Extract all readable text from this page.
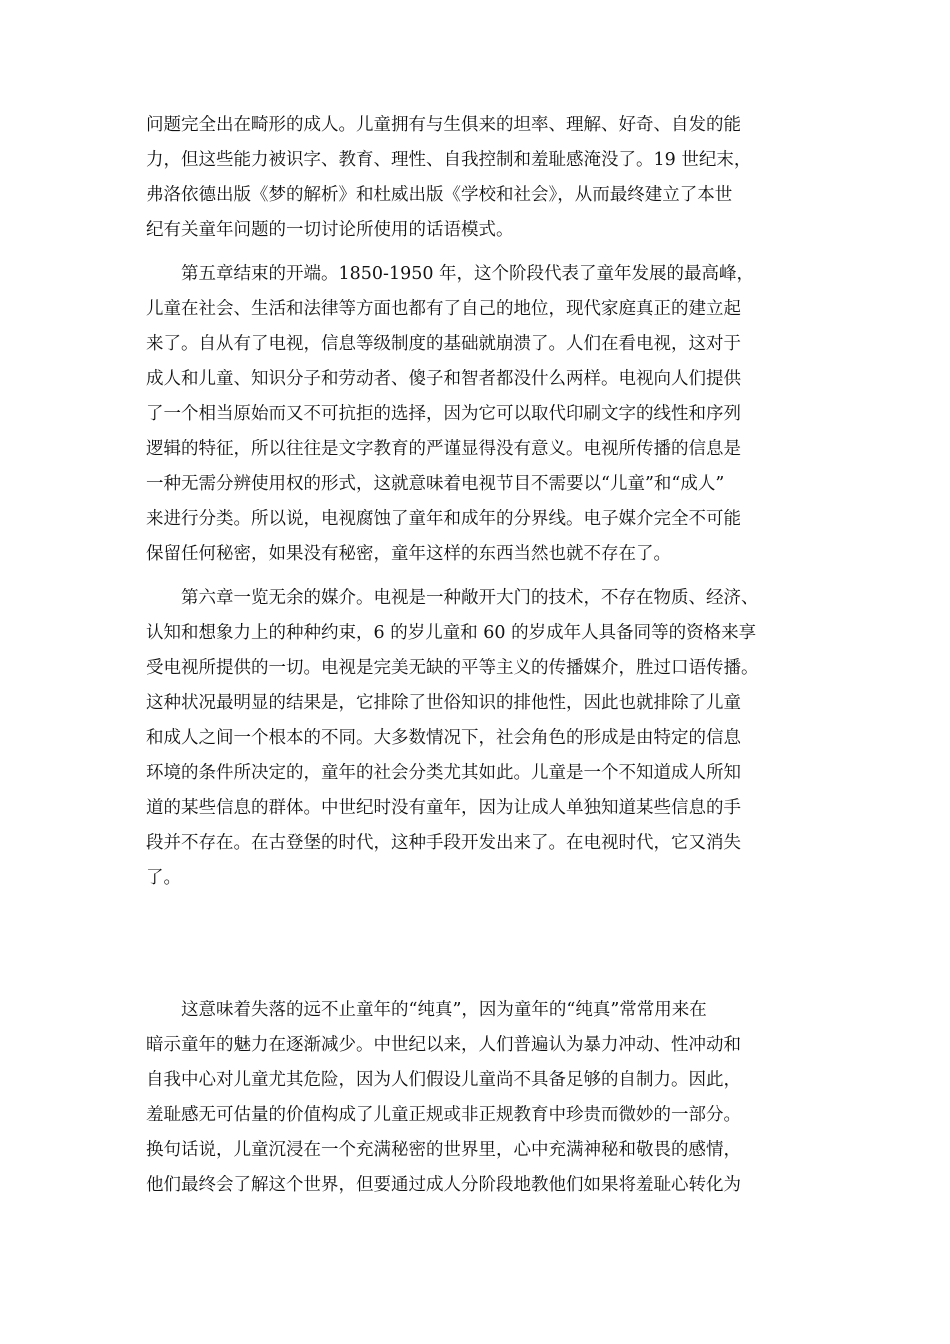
问题完全出在畸形的成人。儿童拥有与生俱来的坦率、理解、好奇、自发的能
力，但这些能力被识字、教育、理性、自我控制和羞耻感淹没了。19 世纪末，
弗洛依德出版《梦的解析》和杜威出版《学校和社会》，从而最终建立了本世
纪有关童年问题的一切讨论所使用的话语模式。
第五章结束的开端。1850-1950 年，这个阶段代表了童年发展的最高峰，
儿童在社会、生活和法律等方面也都有了自己的地位，现代家庭真正的建立起
来了。自从有了电视，信息等级制度的基础就崩溃了。人们在看电视，这对于
成人和儿童、知识分子和劳动者、傻子和智者都没什么两样。电视向人们提供
了一个相当原始而又不可抗拒的选择，因为它可以取代印刷文字的线性和序列
逻辑的特征，所以往往是文字教育的严谨显得没有意义。电视所传播的信息是
一种无需分辨使用权的形式，这就意味着电视节目不需要以“儿童”和“成人”
来进行分类。所以说，电视腐蚀了童年和成年的分界线。电子媒介完全不可能
保留任何秘密，如果没有秘密，童年这样的东西当然也就不存在了。
第六章一览无余的媒介。电视是一种敞开大门的技术，不存在物质、经济、
认知和想象力上的种种约束，6 的岁儿童和 60 的岁成年人具备同等的资格来享
受电视所提供的一切。电视是完美无缺的平等主义的传播媒介，胜过口语传播。
这种状况最明显的结果是，它排除了世俗知识的排他性，因此也就排除了儿童
和成人之间一个根本的不同。大多数情况下，社会角色的形成是由特定的信息
环境的条件所决定的，童年的社会分类尤其如此。儿童是一个不知道成人所知
道的某些信息的群体。中世纪时没有童年，因为让成人单独知道某些信息的手
段并不存在。在古登堡的时代，这种手段开发出来了。在电视时代，它又消失
了。
这意味着失落的远不止童年的“纯真”，因为童年的“纯真”常常用来在
暗示童年的魅力在逐渐减少。中世纪以来，人们普遍认为暴力冲动、性冲动和
自我中心对儿童尤其危险，因为人们假设儿童尚不具备足够的自制力。因此，
羞耻感无可估量的价值构成了儿童正规或非正规教育中珍贵而微妙的一部分。
换句话说，儿童沉浸在一个充满秘密的世界里，心中充满神秘和敬畏的感情，
他们最终会了解这个世界，但要通过成人分阶段地教他们如果将羞耻心转化为
